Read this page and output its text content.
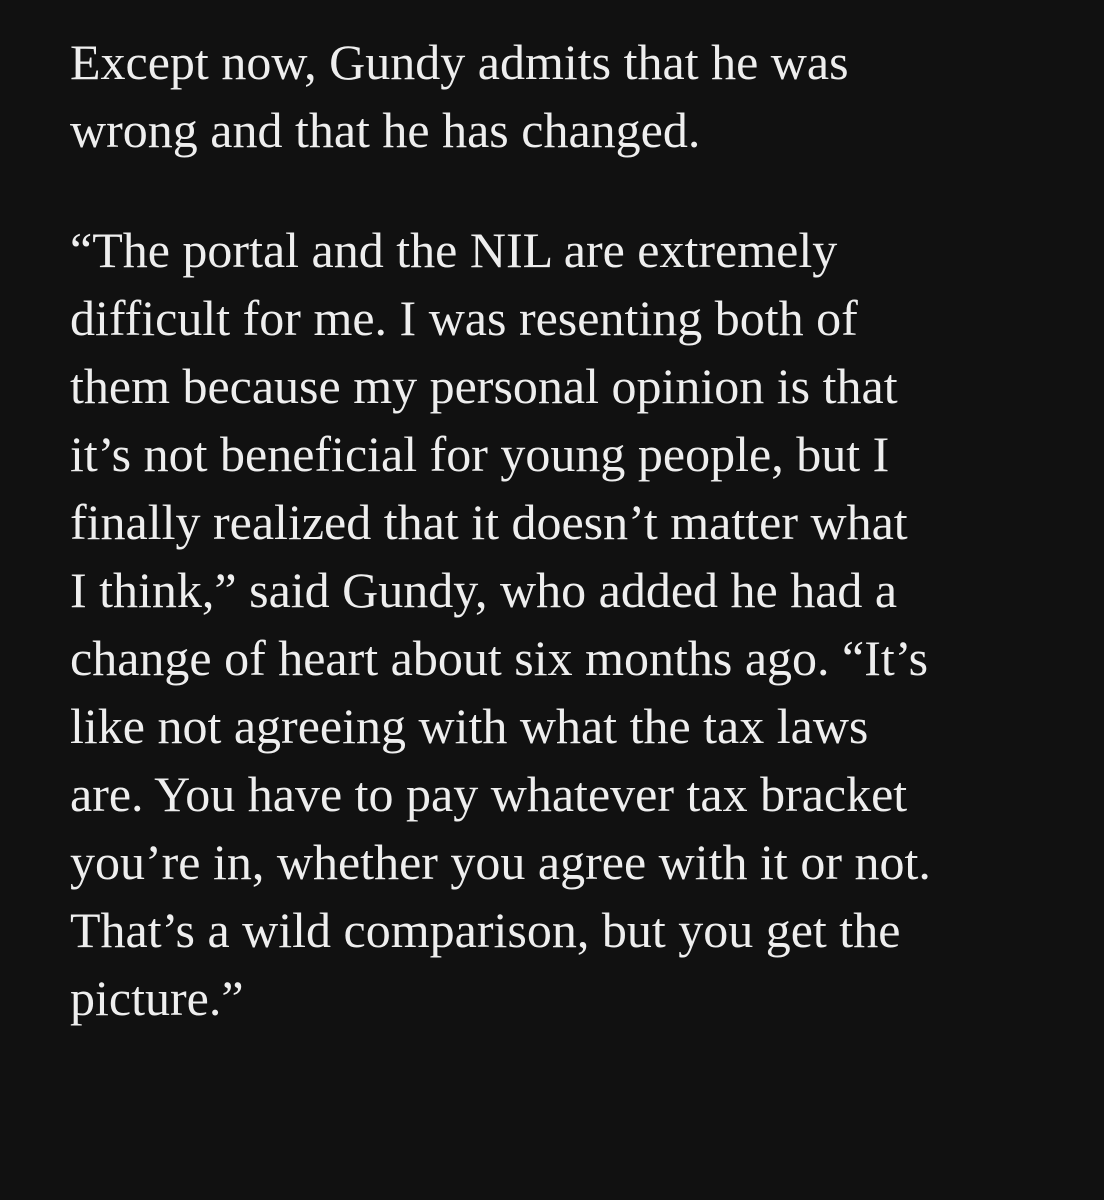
Except now, Gundy admits that he was
wrong and that he has changed.

“The portal and the NIL are extremely
difficult for me. I was resenting both of
them because my personal opinion is that
it’s not beneficial for young people, but I
finally realized that it doesn’t matter what
I think,” said Gundy, who added he had a
change of heart about six months ago. “It’s
like not agreeing with what the tax laws
are. You have to pay whatever tax bracket
you’re in, whether you agree with it or not.
That’s a wild comparison, but you get the
picture.”
